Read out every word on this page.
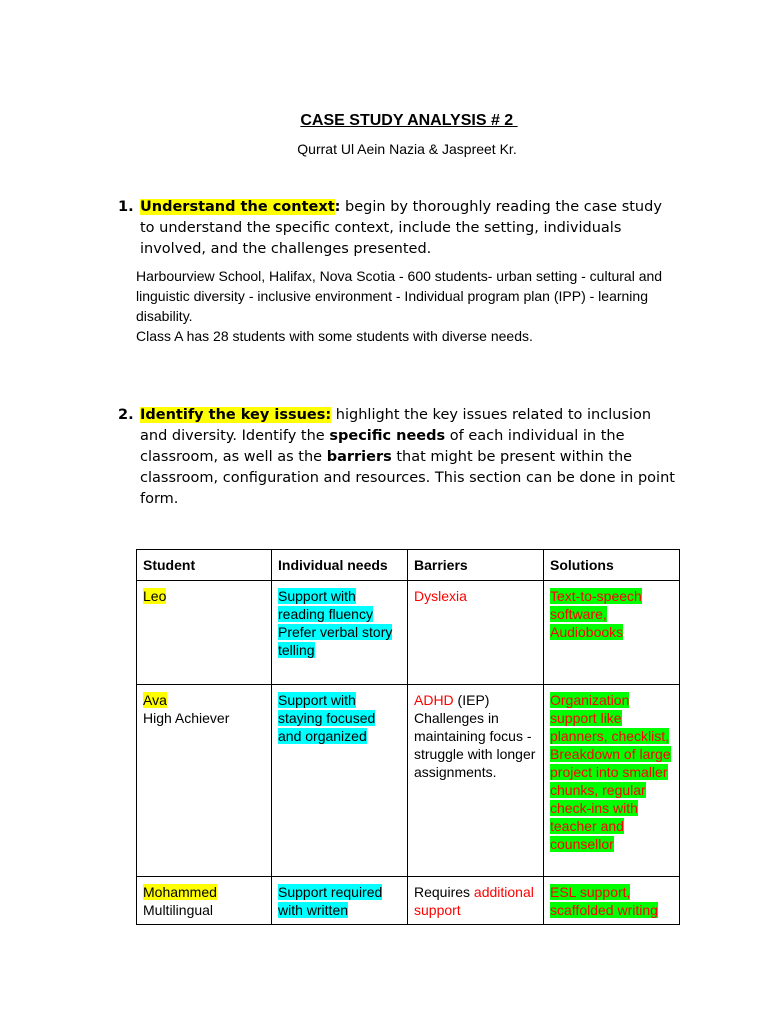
CASE STUDY ANALYSIS # 2
Qurrat Ul Aein Nazia & Jaspreet Kr.
1. Understand the context: begin by thoroughly reading the case study to understand the specific context, include the setting, individuals involved, and the challenges presented.
Harbourview School, Halifax, Nova Scotia - 600 students- urban setting - cultural and linguistic diversity - inclusive environment - Individual program plan (IPP) - learning disability.
Class A has 28 students with some students with diverse needs.
2. Identify the key issues: highlight the key issues related to inclusion and diversity. Identify the specific needs of each individual in the classroom, as well as the barriers that might be present within the classroom, configuration and resources. This section can be done in point form.
Student	Individual needs	Barriers	Solutions
Leo	Support with reading fluency Prefer verbal story telling	Dyslexia	Text-to-speech software, Audiobooks
Ava
High Achiever	Support with staying focused and organized	ADHD (IEP) Challenges in maintaining focus - struggle with longer assignments.	Organization support like planners, checklist, Breakdown of large project into smaller chunks, regular check-ins with teacher and counsellor
Mohammed
Multilingual	Support required with written	Requires additional support	ESL support, scaffolded writing
